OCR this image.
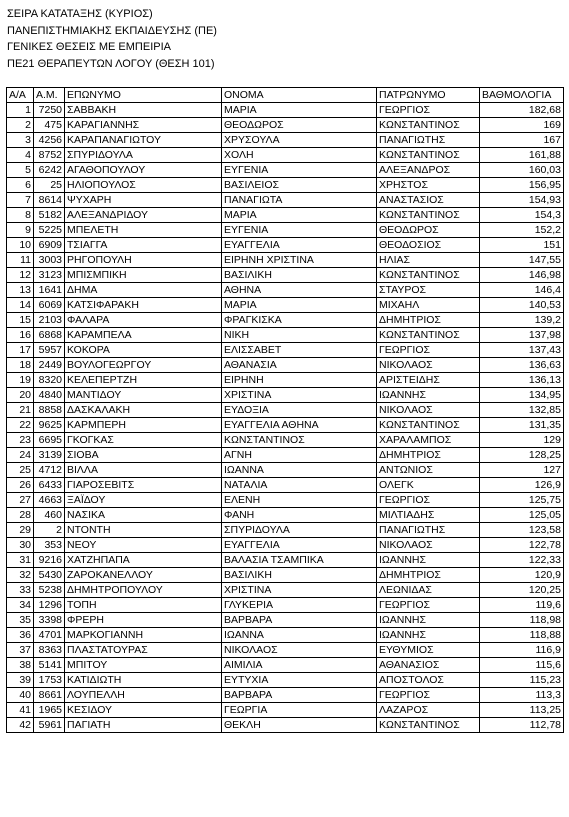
ΣΕΙΡΑ ΚΑΤΑΤΑΞΗΣ (ΚΥΡΙΟΣ)
ΠΑΝΕΠΙΣΤΗΜΙΑΚΗΣ ΕΚΠΑΙΔΕΥΣΗΣ (ΠΕ)
ΓΕΝΙΚΕΣ ΘΕΣΕΙΣ ΜΕ ΕΜΠΕΙΡΙΑ
ΠΕ21 ΘΕΡΑΠΕΥΤΩΝ ΛΟΓΟΥ (ΘΕΣΗ 101)
Α/Α	Α.Μ.	ΕΠΩΝΥΜΟ	ΟΝΟΜΑ	ΠΑΤΡΩΝΥΜΟ	ΒΑΘΜΟΛΟΓΙΑ
1	7250	ΣΑΒΒΑΚΗ	ΜΑΡΙΑ	ΓΕΩΡΓΙΟΣ	182,68
2	475	ΚΑΡΑΓΙΑΝΝΗΣ	ΘΕΟΔΩΡΟΣ	ΚΩΝΣΤΑΝΤΙΝΟΣ	169
3	4256	ΚΑΡΑΠΑΝΑΓΙΩΤΟΥ	ΧΡΥΣΟΥΛΑ	ΠΑΝΑΓΙΩΤΗΣ	167
4	8752	ΣΠΥΡΙΔΟΥΛΑ	ΧΟΛΗ	ΚΩΝΣΤΑΝΤΙΝΟΣ	161,88
5	6242	ΑΓΑΘΟΠΟΥΛΟΥ	ΕΥΓΕΝΙΑ	ΑΛΕΞΑΝΔΡΟΣ	160,03
6	25	ΗΛΙΟΠΟΥΛΟΣ	ΒΑΣΙΛΕΙΟΣ	ΧΡΗΣΤΟΣ	156,95
7	8614	ΨΥΧΑΡΗ	ΠΑΝΑΓΙΩΤΑ	ΑΝΑΣΤΑΣΙΟΣ	154,93
8	5182	ΑΛΕΞΑΝΔΡΙΔΟΥ	ΜΑΡΙΑ	ΚΩΝΣΤΑΝΤΙΝΟΣ	154,3
9	5225	ΜΠΕΛΕΤΗ	ΕΥΓΕΝΙΑ	ΘΕΟΔΩΡΟΣ	152,2
10	6909	ΤΣΙΑΓΓΑ	ΕΥΑΓΓΕΛΙΑ	ΘΕΟΔΟΣΙΟΣ	151
11	3003	ΡΗΓΟΠΟΥΛΗ	ΕΙΡΗΝΗ ΧΡΙΣΤΙΝΑ	ΗΛΙΑΣ	147,55
12	3123	ΜΠΙΣΜΠΙΚΗ	ΒΑΣΙΛΙΚΗ	ΚΩΝΣΤΑΝΤΙΝΟΣ	146,98
13	1641	ΔΗΜΑ	ΑΘΗΝΑ	ΣΤΑΥΡΟΣ	146,4
14	6069	ΚΑΤΣΙΦΑΡΑΚΗ	ΜΑΡΙΑ	ΜΙΧΑΗΛ	140,53
15	2103	ΦΑΛΑΡΑ	ΦΡΑΓΚΙΣΚΑ	ΔΗΜΗΤΡΙΟΣ	139,2
16	6868	ΚΑΡΑΜΠΕΛΑ	ΝΙΚΗ	ΚΩΝΣΤΑΝΤΙΝΟΣ	137,98
17	5957	ΚΟΚΟΡΑ	ΕΛΙΣΣΑΒΕΤ	ΓΕΩΡΓΙΟΣ	137,43
18	2449	ΒΟΥΛΟΓΕΩΡΓΟΥ	ΑΘΑΝΑΣΙΑ	ΝΙΚΟΛΑΟΣ	136,63
19	8320	ΚΕΛΕΠΕΡΤΖΗ	ΕΙΡΗΝΗ	ΑΡΙΣΤΕΙΔΗΣ	136,13
20	4840	ΜΑΝΤΙΔΟΥ	ΧΡΙΣΤΙΝΑ	ΙΩΑΝΝΗΣ	134,95
21	8858	ΔΑΣΚΑΛΑΚΗ	ΕΥΔΟΞΙΑ	ΝΙΚΟΛΑΟΣ	132,85
22	9625	ΚΑΡΜΠΕΡΗ	ΕΥΑΓΓΕΛΙΑ ΑΘΗΝΑ	ΚΩΝΣΤΑΝΤΙΝΟΣ	131,35
23	6695	ΓΚΟΓΚΑΣ	ΚΩΝΣΤΑΝΤΙΝΟΣ	ΧΑΡΑΛΑΜΠΟΣ	129
24	3139	ΣΙΟΒΑ	ΑΓΝΗ	ΔΗΜΗΤΡΙΟΣ	128,25
25	4712	ΒΙΛΛΑ	ΙΩΑΝΝΑ	ΑΝΤΩΝΙΟΣ	127
26	6433	ΓΙΑΡΟΣΕΒΙΤΣ	ΝΑΤΑΛΙΑ	ΟΛΕΓΚ	126,9
27	4663	ΞΑΪΔΟΥ	ΕΛΕΝΗ	ΓΕΩΡΓΙΟΣ	125,75
28	460	ΝΑΣΙΚΑ	ΦΑΝΗ	ΜΙΛΤΙΑΔΗΣ	125,05
29	2	ΝΤΟΝΤΗ	ΣΠΥΡΙΔΟΥΛΑ	ΠΑΝΑΓΙΩΤΗΣ	123,58
30	353	ΝΕΟΥ	ΕΥΑΓΓΕΛΙΑ	ΝΙΚΟΛΑΟΣ	122,78
31	9216	ΧΑΤΖΗΠΑΠΑ	ΒΑΛΑΣΙΑ ΤΣΑΜΠΙΚΑ	ΙΩΑΝΝΗΣ	122,33
32	5430	ΖΑΡΟΚΑΝΕΛΛΟΥ	ΒΑΣΙΛΙΚΗ	ΔΗΜΗΤΡΙΟΣ	120,9
33	5238	ΔΗΜΗΤΡΟΠΟΥΛΟΥ	ΧΡΙΣΤΙΝΑ	ΛΕΩΝΙΔΑΣ	120,25
34	1296	ΤΟΠΗ	ΓΛΥΚΕΡΙΑ	ΓΕΩΡΓΙΟΣ	119,6
35	3398	ΦΡΕΡΗ	ΒΑΡΒΑΡΑ	ΙΩΑΝΝΗΣ	118,98
36	4701	ΜΑΡΚΟΓΙΑΝΝΗ	ΙΩΑΝΝΑ	ΙΩΑΝΝΗΣ	118,88
37	8363	ΠΛΑΣΤΑΤΟΥΡΑΣ	ΝΙΚΟΛΑΟΣ	ΕΥΘΥΜΙΟΣ	116,9
38	5141	ΜΠΙΤΟΥ	ΑΙΜΙΛΙΑ	ΑΘΑΝΑΣΙΟΣ	115,6
39	1753	ΚΑΤΙΔΙΩΤΗ	ΕΥΤΥΧΙΑ	ΑΠΟΣΤΟΛΟΣ	115,23
40	8661	ΛΟΥΠΕΛΛΗ	ΒΑΡΒΑΡΑ	ΓΕΩΡΓΙΟΣ	113,3
41	1965	ΚΕΣΙΔΟΥ	ΓΕΩΡΓΙΑ	ΛΑΖΑΡΟΣ	113,25
42	5961	ΠΑΓΙΑΤΗ	ΘΕΚΛΗ	ΚΩΝΣΤΑΝΤΙΝΟΣ	112,78
